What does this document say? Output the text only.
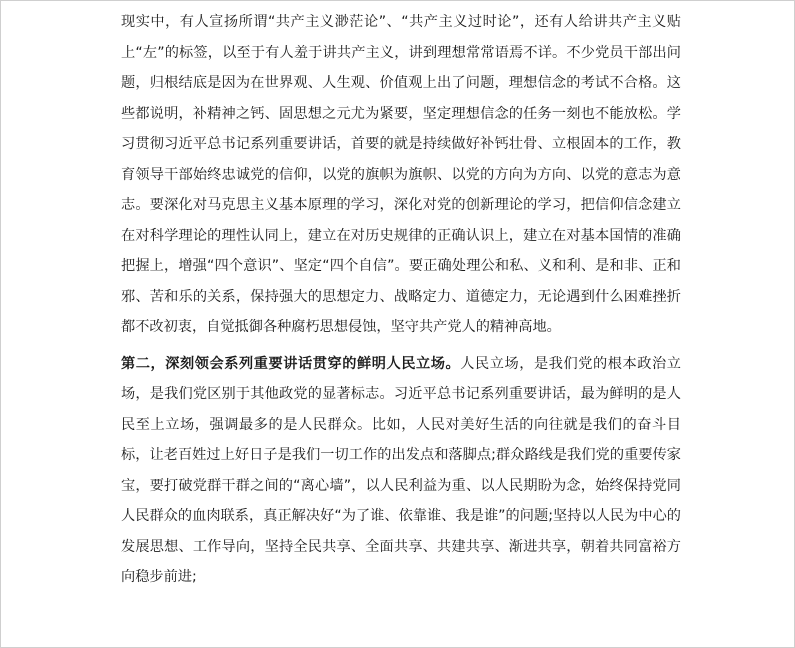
现实中，有人宣扬所谓“共产主义渺茫论”、“共产主义过时论”，还有人给讲共产主义贴上“左”的标签，以至于有人羞于讲共产主义，讲到理想常常语焉不详。不少党员干部出问题，归根结底是因为在世界观、人生观、价值观上出了问题，理想信念的考试不合格。这些都说明，补精神之钙、固思想之元尤为紧要，坚定理想信念的任务一刻也不能放松。学习贯彻习近平总书记系列重要讲话，首要的就是持续做好补钙壮骨、立根固本的工作，教育领导干部始终忠诚党的信仰，以党的旗帜为旗帜、以党的方向为方向、以党的意志为意志。要深化对马克思主义基本原理的学习，深化对党的创新理论的学习，把信仰信念建立在对科学理论的理性认同上，建立在对历史规律的正确认识上，建立在对基本国情的准确把握上，增强“四个意识”、坚定“四个自信”。要正确处理公和私、义和利、是和非、正和邪、苦和乐的关系，保持强大的思想定力、战略定力、道德定力，无论遇到什么困难挫折都不改初衷，自觉抵御各种腐朽思想侵蚀，坚守共产党人的精神高地。

第二，深刻领会系列重要讲话贯穿的鲜明人民立场。人民立场，是我们党的根本政治立场，是我们党区别于其他政党的显著标志。习近平总书记系列重要讲话，最为鲜明的是人民至上立场，强调最多的是人民群众。比如，人民对美好生活的向往就是我们的奋斗目标，让老百姓过上好日子是我们一切工作的出发点和落脚点;群众路线是我们党的重要传家宝，要打破党群干群之间的“离心墙”，以人民利益为重、以人民期盼为念，始终保持党同人民群众的血肉联系，真正解决好“为了谁、依靠谁、我是谁”的问题;坚持以人民为中心的发展思想、工作导向，坚持全民共享、全面共享、共建共享、渐进共享，朝着共同富裕方向稳步前进;
